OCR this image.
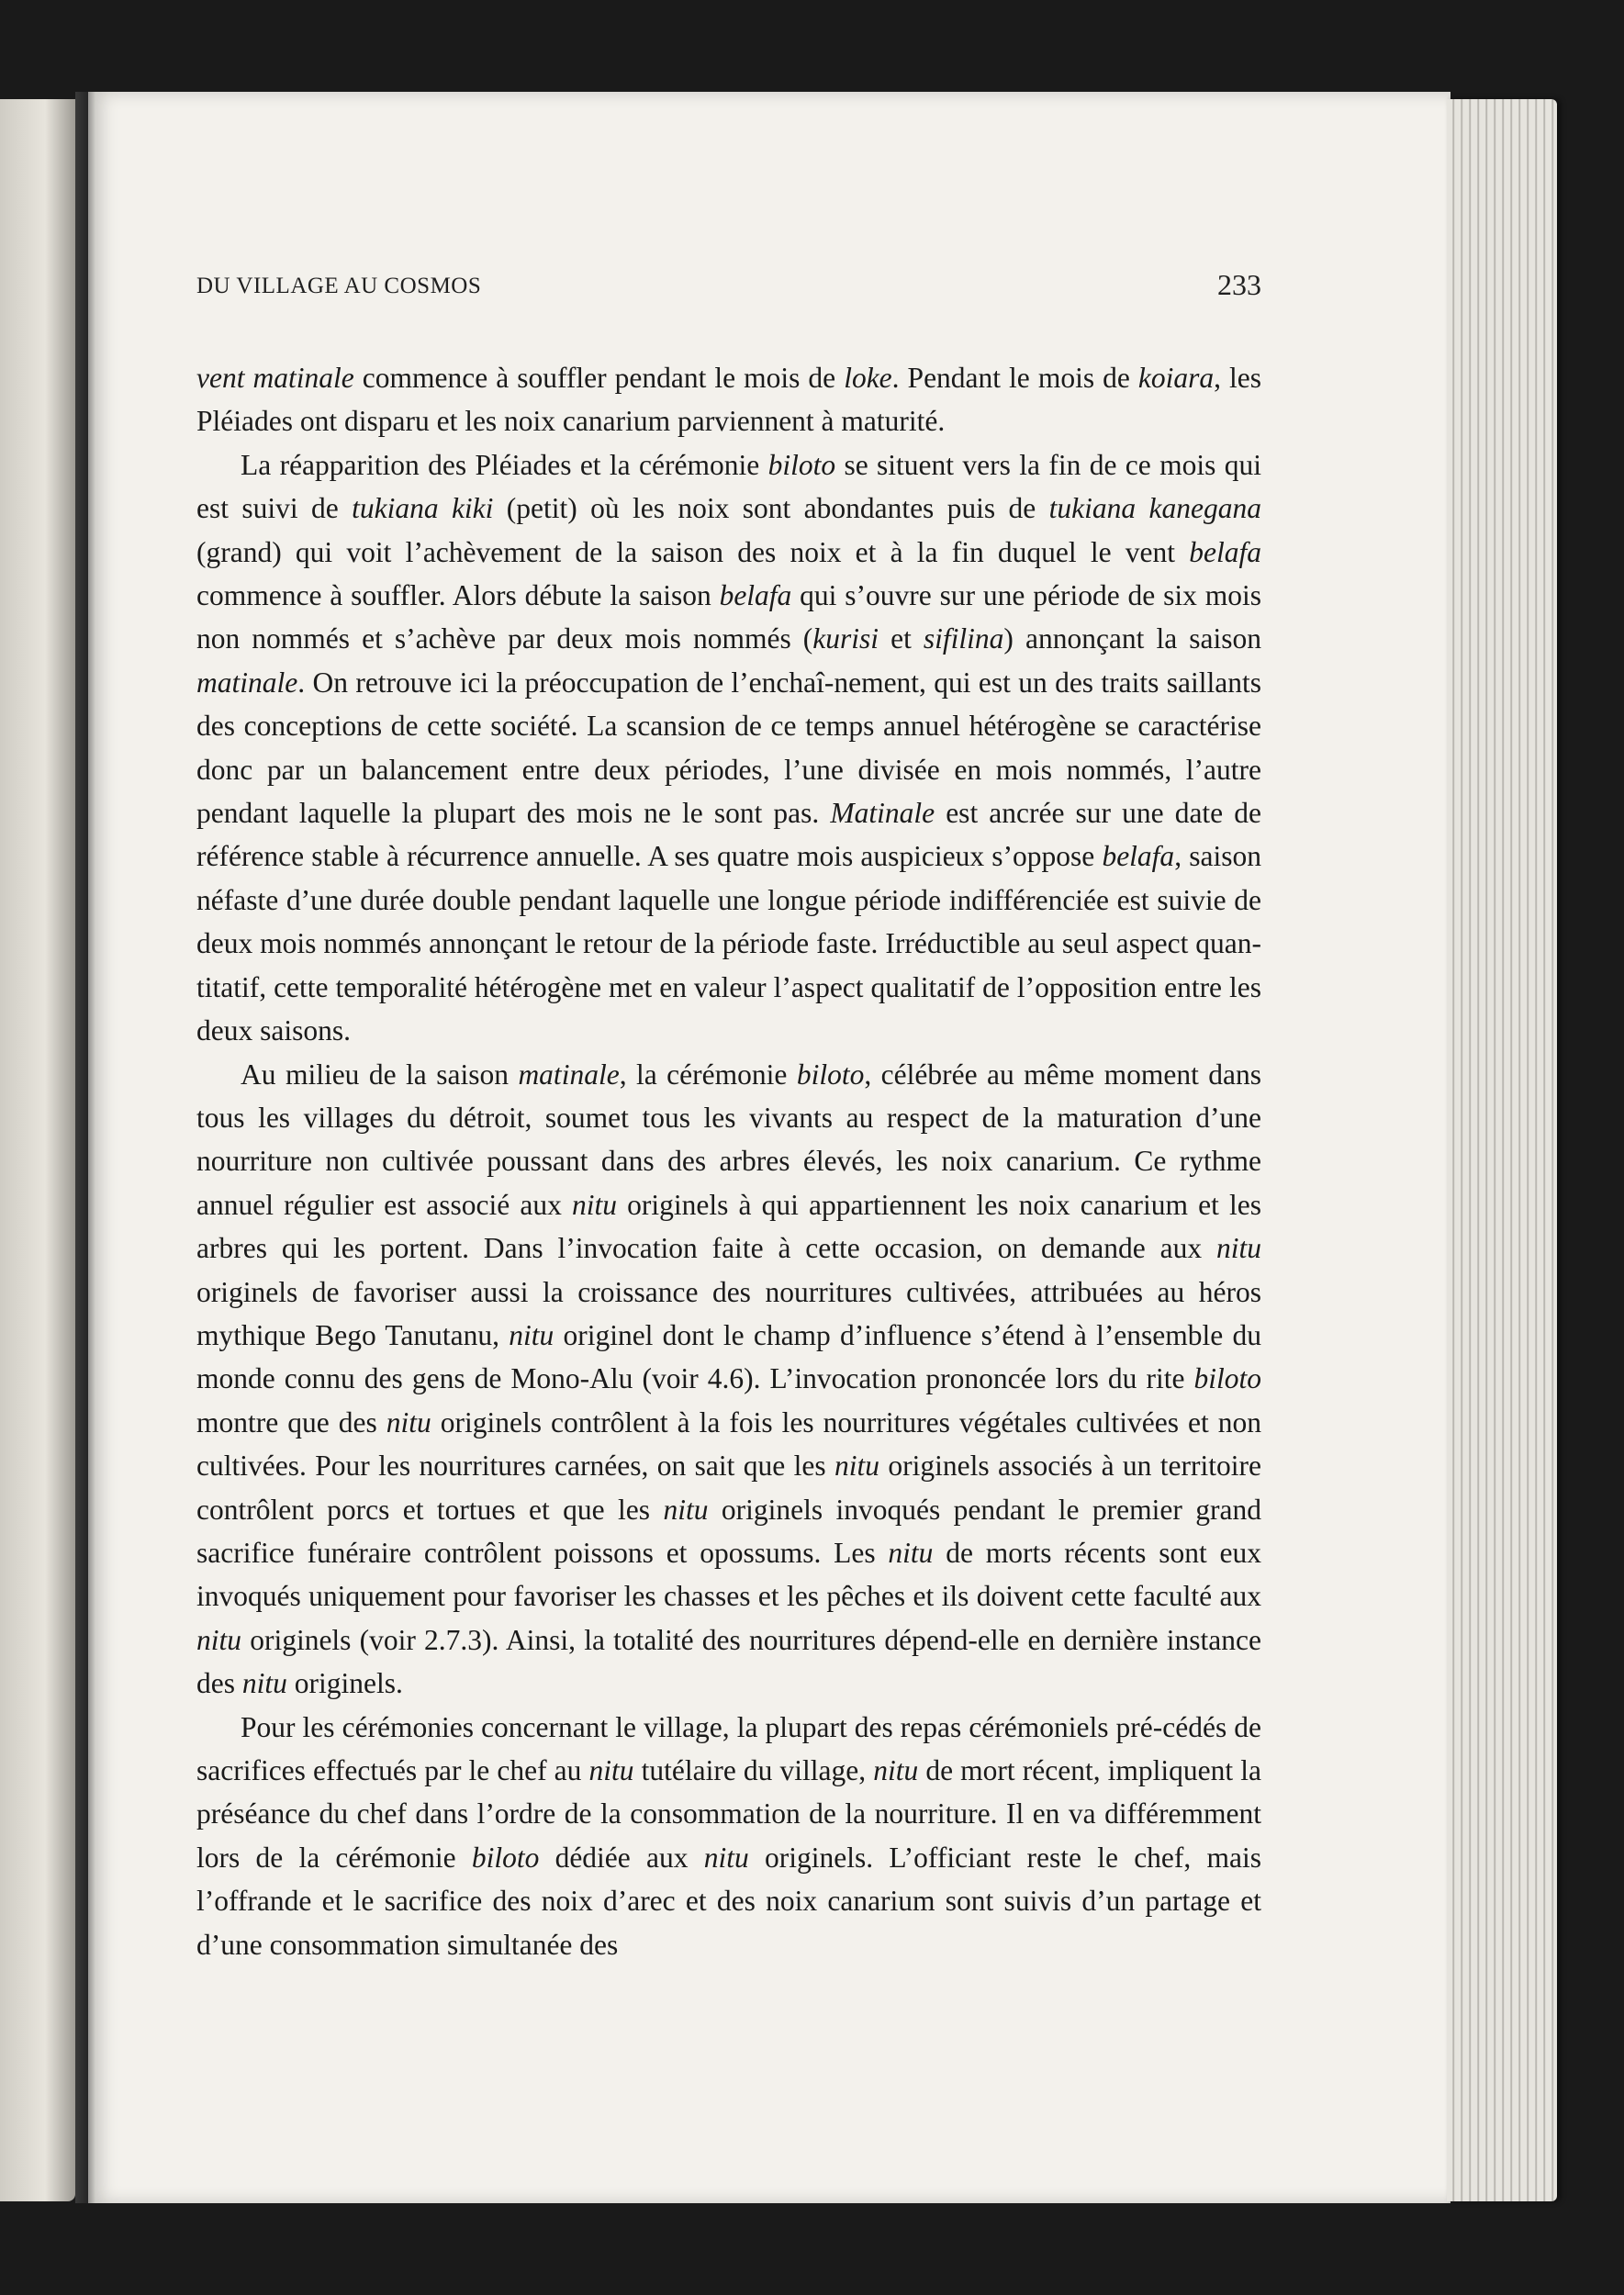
DU VILLAGE AU COSMOS	233

vent matinale commence à souffler pendant le mois de loke. Pendant le mois de koiara, les Pléiades ont disparu et les noix canarium parviennent à maturité.

La réapparition des Pléiades et la cérémonie biloto se situent vers la fin de ce mois qui est suivi de tukiana kiki (petit) où les noix sont abondantes puis de tukiana kanegana (grand) qui voit l’achèvement de la saison des noix et à la fin duquel le vent belafa commence à souffler. Alors débute la saison belafa qui s’ouvre sur une période de six mois non nommés et s’achève par deux mois nommés (kurisi et sifilina) annonçant la saison matinale. On retrouve ici la préoccupation de l’enchaî-nement, qui est un des traits saillants des conceptions de cette société. La scansion de ce temps annuel hétérogène se caractérise donc par un balancement entre deux périodes, l’une divisée en mois nommés, l’autre pendant laquelle la plupart des mois ne le sont pas. Matinale est ancrée sur une date de référence stable à récurrence annuelle. A ses quatre mois auspicieux s’oppose belafa, saison néfaste d’une durée double pendant laquelle une longue période indifférenciée est suivie de deux mois nommés annonçant le retour de la période faste. Irréductible au seul aspect quan-titatif, cette temporalité hétérogène met en valeur l’aspect qualitatif de l’opposition entre les deux saisons.

Au milieu de la saison matinale, la cérémonie biloto, célébrée au même moment dans tous les villages du détroit, soumet tous les vivants au respect de la maturation d’une nourriture non cultivée poussant dans des arbres élevés, les noix canarium. Ce rythme annuel régulier est associé aux nitu originels à qui appartiennent les noix canarium et les arbres qui les portent. Dans l’invocation faite à cette occasion, on demande aux nitu originels de favoriser aussi la croissance des nourritures cultivées, attribuées au héros mythique Bego Tanutanu, nitu originel dont le champ d’influence s’étend à l’ensemble du monde connu des gens de Mono-Alu (voir 4.6). L’invocation prononcée lors du rite biloto montre que des nitu originels contrôlent à la fois les nourritures végétales cultivées et non cultivées. Pour les nourritures carnées, on sait que les nitu originels associés à un territoire contrôlent porcs et tortues et que les nitu originels invoqués pendant le premier grand sacrifice funéraire contrôlent poissons et opossums. Les nitu de morts récents sont eux invoqués uniquement pour favoriser les chasses et les pêches et ils doivent cette faculté aux nitu originels (voir 2.7.3). Ainsi, la totalité des nourritures dépend-elle en dernière instance des nitu originels.

Pour les cérémonies concernant le village, la plupart des repas cérémoniels pré-cédés de sacrifices effectués par le chef au nitu tutélaire du village, nitu de mort récent, impliquent la préséance du chef dans l’ordre de la consommation de la nourriture. Il en va différemment lors de la cérémonie biloto dédiée aux nitu originels. L’officiant reste le chef, mais l’offrande et le sacrifice des noix d’arec et des noix canarium sont suivis d’un partage et d’une consommation simultanée des
